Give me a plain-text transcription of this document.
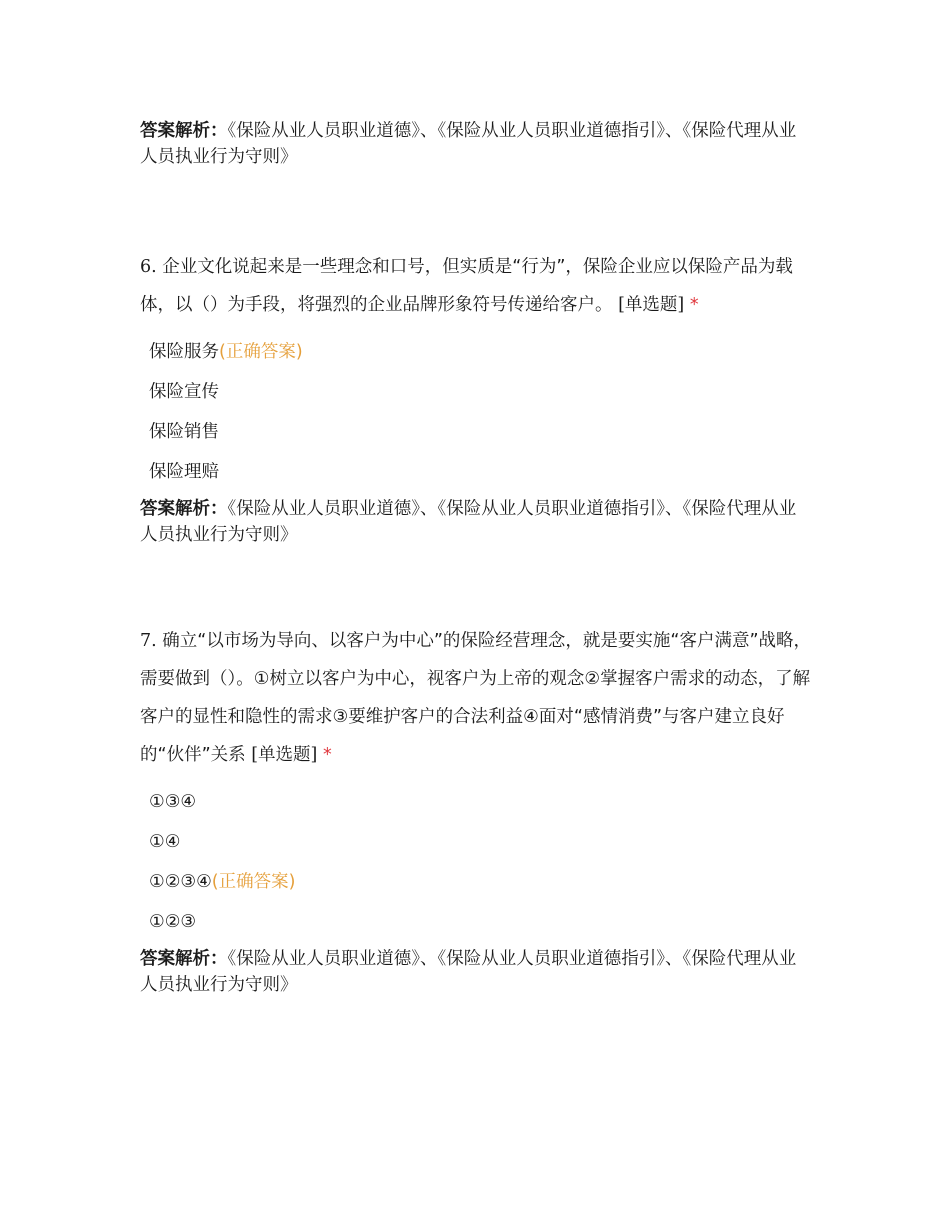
答案解析：《保险从业人员职业道德》、《保险从业人员职业道德指引》、《保险代理从业人员执业行为守则》

6. 企业文化说起来是一些理念和口号，但实质是“行为”，保险企业应以保险产品为载体，以（）为手段，将强烈的企业品牌形象符号传递给客户。 [单选题] *

保险服务(正确答案)
保险宣传
保险销售
保险理赔

答案解析：《保险从业人员职业道德》、《保险从业人员职业道德指引》、《保险代理从业人员执业行为守则》

7. 确立“以市场为导向、以客户为中心”的保险经营理念，就是要实施“客户满意”战略，需要做到（）。①树立以客户为中心，视客户为上帝的观念②掌握客户需求的动态，了解客户的显性和隐性的需求③要维护客户的合法利益④面对“感情消费”与客户建立良好的“伙伴”关系 [单选题] *

①③④
①④
①②③④(正确答案)
①②③

答案解析：《保险从业人员职业道德》、《保险从业人员职业道德指引》、《保险代理从业人员执业行为守则》
